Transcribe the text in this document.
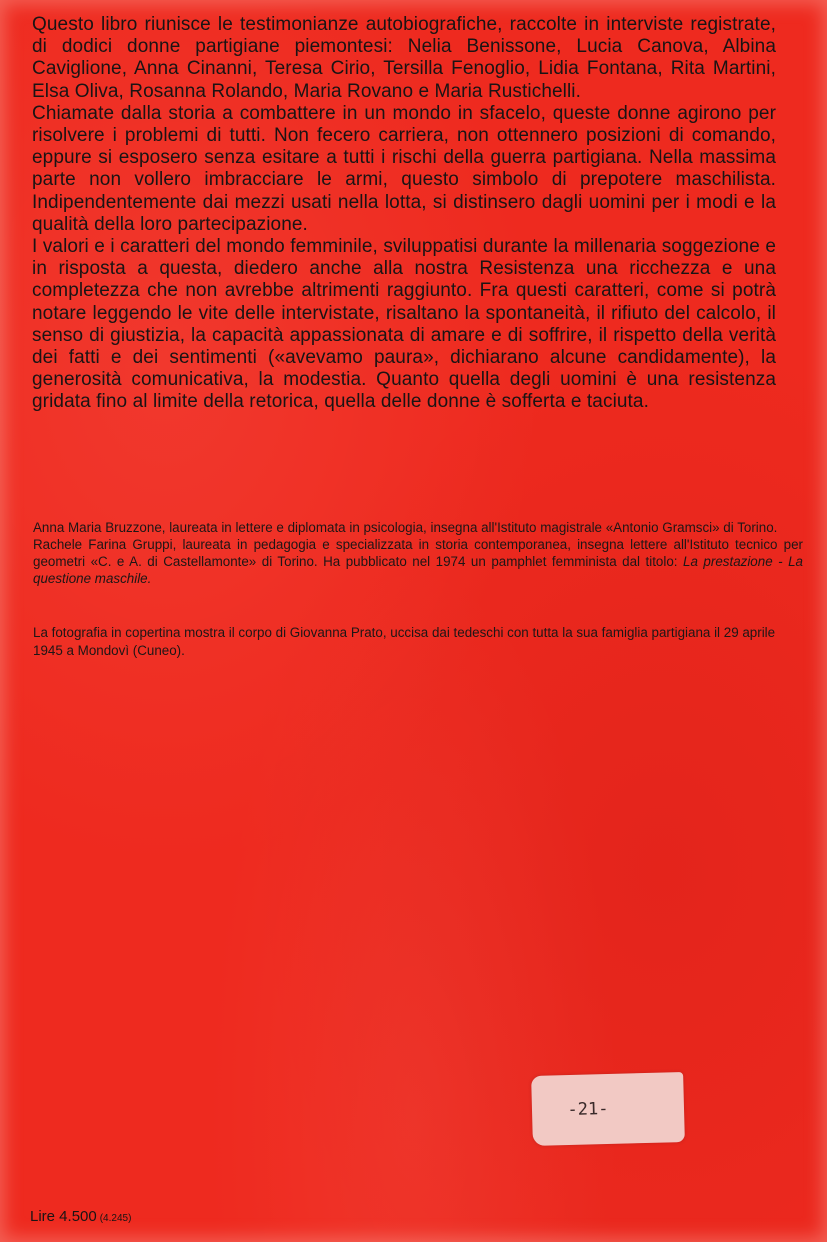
Questo libro riunisce le testimonianze autobiografiche, raccolte in interviste registrate, di dodici donne partigiane piemontesi: Nelia Benissone, Lucia Canova, Albina Caviglione, Anna Cinanni, Teresa Cirio, Tersilla Fenoglio, Lidia Fontana, Rita Martini, Elsa Oliva, Rosanna Rolando, Maria Rovano e Maria Rustichelli.

Chiamate dalla storia a combattere in un mondo in sfacelo, queste donne agirono per risolvere i problemi di tutti. Non fecero carriera, non ottennero posizioni di comando, eppure si esposero senza esitare a tutti i rischi della guerra partigiana. Nella massima parte non vollero imbracciare le armi, questo simbolo di prepotere maschilista. Indipendentemente dai mezzi usati nella lotta, si distinsero dagli uomini per i modi e la qualità della loro partecipazione.

I valori e i caratteri del mondo femminile, sviluppatisi durante la millenaria soggezione e in risposta a questa, diedero anche alla nostra Resistenza una ricchezza e una completezza che non avrebbe altrimenti raggiunto. Fra questi caratteri, come si potrà notare leggendo le vite delle intervistate, risaltano la spontaneità, il rifiuto del calcolo, il senso di giustizia, la capacità appassionata di amare e di soffrire, il rispetto della verità dei fatti e dei sentimenti («avevamo paura», dichiarano alcune candidamente), la generosità comunicativa, la modestia. Quanto quella degli uomini è una resistenza gridata fino al limite della retorica, quella delle donne è sofferta e taciuta.

Anna Maria Bruzzone, laureata in lettere e diplomata in psicologia, insegna all'Istituto magistrale «Antonio Gramsci» di Torino.

Rachele Farina Gruppi, laureata in pedagogia e specializzata in storia contemporanea, insegna lettere all'Istituto tecnico per geometri «C. e A. di Castellamonte» di Torino. Ha pubblicato nel 1974 un pamphlet femminista dal titolo: La prestazione - La questione maschile.

La fotografia in copertina mostra il corpo di Giovanna Prato, uccisa dai tedeschi con tutta la sua famiglia partigiana il 29 aprile 1945 a Mondovì (Cuneo).

-21-
Lire 4.500 (4.245)
